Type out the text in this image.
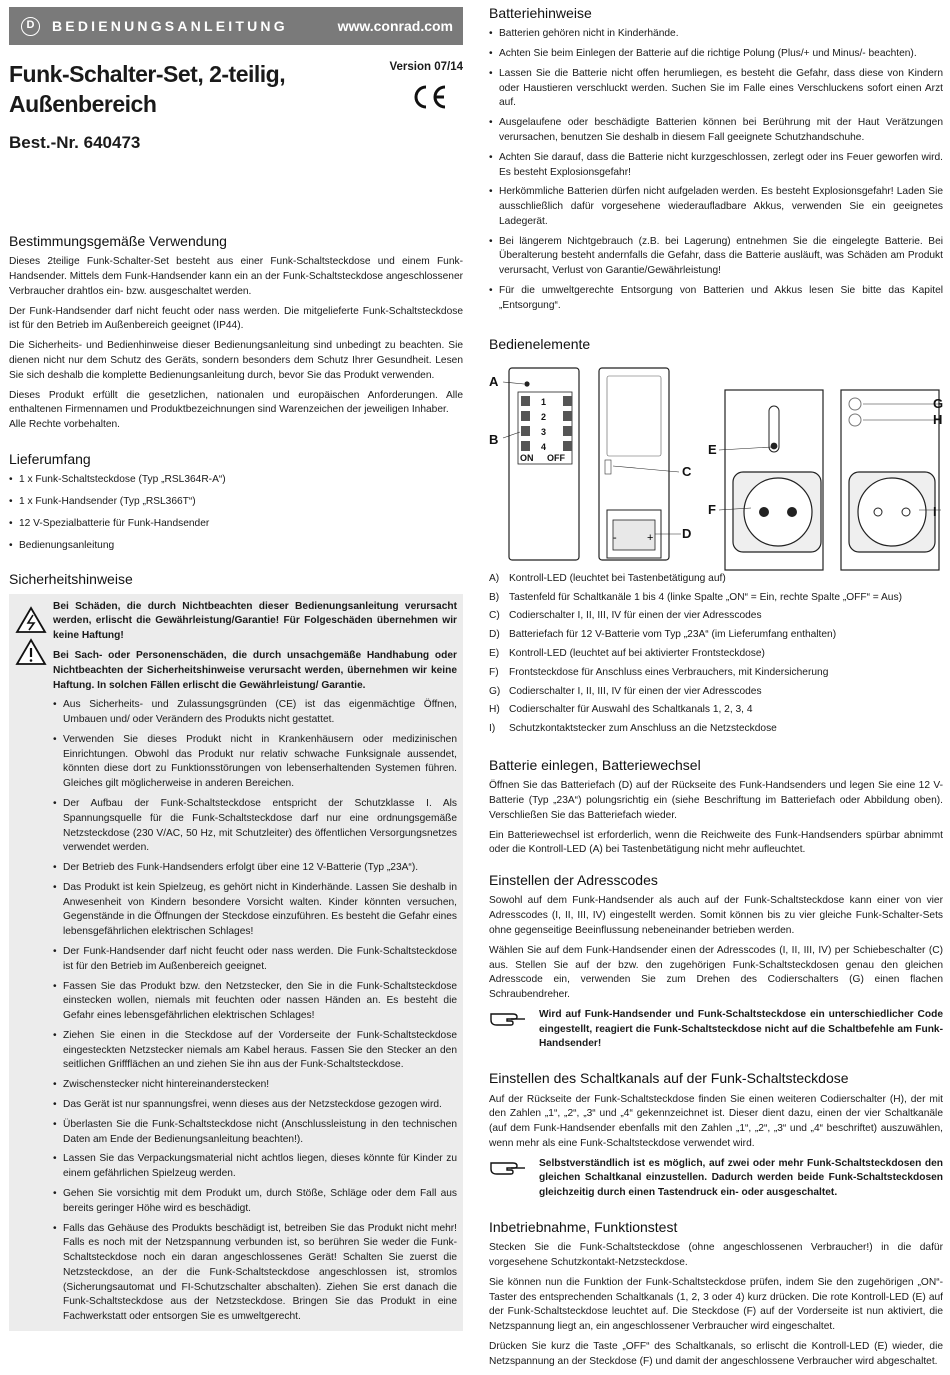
D	BEDIENUNGSANLEITUNG	www.conrad.com
Funk-Schalter-Set, 2-teilig,
Außenbereich
Best.-Nr. 640473
Version 07/14
Bestimmungsgemäße Verwendung

Dieses 2teilige Funk-Schalter-Set besteht aus einer Funk-Schaltsteckdose und einem Funk-Handsender. Mittels dem Funk-Handsender kann ein an der Funk-Schaltsteckdose angeschlossener Verbraucher drahtlos ein- bzw. ausgeschaltet werden.

Der Funk-Handsender darf nicht feucht oder nass werden. Die mitgelieferte Funk-Schaltsteckdose ist für den Betrieb im Außenbereich geeignet (IP44).

Die Sicherheits- und Bedienhinweise dieser Bedienungsanleitung sind unbedingt zu beachten. Sie dienen nicht nur dem Schutz des Geräts, sondern besonders dem Schutz Ihrer Gesundheit. Lesen Sie sich deshalb die komplette Bedienungsanleitung durch, bevor Sie das Produkt verwenden.

Dieses Produkt erfüllt die gesetzlichen, nationalen und europäischen Anforderungen. Alle enthaltenen Firmennamen und Produktbezeichnungen sind Warenzeichen der jeweiligen Inhaber.

Alle Rechte vorbehalten.

Lieferumfang
• 1 x Funk-Schaltsteckdose (Typ „RSL364R-A“)
• 1 x Funk-Handsender (Typ „RSL366T“)
• 12 V-Spezialbatterie für Funk-Handsender
• Bedienungsanleitung
Sicherheitshinweise

Bei Schäden, die durch Nichtbeachten dieser Bedienungsanleitung verursacht werden, erlischt die Gewährleistung/Garantie! Für Folgeschäden übernehmen wir keine Haftung!

Bei Sach- oder Personenschäden, die durch unsachgemäße Handhabung oder Nichtbeachten der Sicherheitshinweise verursacht werden, übernehmen wir keine Haftung. In solchen Fällen erlischt die Gewährleistung/ Garantie.

• Aus Sicherheits- und Zulassungsgründen (CE) ist das eigenmächtige Öffnen, Umbauen und/ oder Verändern des Produkts nicht gestattet.
• Verwenden Sie dieses Produkt nicht in Krankenhäusern oder medizinischen Einrichtungen. Obwohl das Produkt nur relativ schwache Funksignale aussendet, könnten diese dort zu Funktionsstörungen von lebenserhaltenden Systemen führen. Gleiches gilt möglicherweise in anderen Bereichen.
• Der Aufbau der Funk-Schaltsteckdose entspricht der Schutzklasse I. Als Spannungsquelle für die Funk-Schaltsteckdose darf nur eine ordnungsgemäße Netzsteckdose (230 V/AC, 50 Hz, mit Schutzleiter) des öffentlichen Versorgungsnetzes verwendet werden.
• Der Betrieb des Funk-Handsenders erfolgt über eine 12 V-Batterie (Typ „23A“).
• Das Produkt ist kein Spielzeug, es gehört nicht in Kinderhände. Lassen Sie deshalb in Anwesenheit von Kindern besondere Vorsicht walten. Kinder könnten versuchen, Gegenstände in die Öffnungen der Steckdose einzuführen. Es besteht die Gefahr eines lebensgefährlichen elektrischen Schlages!
• Der Funk-Handsender darf nicht feucht oder nass werden. Die Funk-Schaltsteckdose ist für den Betrieb im Außenbereich geeignet.
• Fassen Sie das Produkt bzw. den Netzstecker, den Sie in die Funk-Schaltsteckdose einstecken wollen, niemals mit feuchten oder nassen Händen an. Es besteht die Gefahr eines lebensgefährlichen elektrischen Schlages!
• Ziehen Sie einen in die Steckdose auf der Vorderseite der Funk-Schaltsteckdose eingesteckten Netzstecker niemals am Kabel heraus. Fassen Sie den Stecker an den seitlichen Griffflächen an und ziehen Sie ihn aus der Funk-Schaltsteckdose.
• Zwischenstecker nicht hintereinanderstecken!
• Das Gerät ist nur spannungsfrei, wenn dieses aus der Netzsteckdose gezogen wird.
• Überlasten Sie die Funk-Schaltsteckdose nicht (Anschlussleistung in den technischen Daten am Ende der Bedienungsanleitung beachten!).
• Lassen Sie das Verpackungsmaterial nicht achtlos liegen, dieses könnte für Kinder zu einem gefährlichen Spielzeug werden.
• Gehen Sie vorsichtig mit dem Produkt um, durch Stöße, Schläge oder dem Fall aus bereits geringer Höhe wird es beschädigt.
• Falls das Gehäuse des Produkts beschädigt ist, betreiben Sie das Produkt nicht mehr! Falls es noch mit der Netzspannung verbunden ist, so berühren Sie weder die Funk-Schaltsteckdose noch ein daran angeschlossenes Gerät! Schalten Sie zuerst die Netzsteckdose, an der die Funk-Schaltsteckdose angeschlossen ist, stromlos (Sicherungsautomat und FI-Schutzschalter abschalten). Ziehen Sie erst danach die Funk-Schaltsteckdose aus der Netzsteckdose. Bringen Sie das Produkt in eine Fachwerkstatt oder entsorgen Sie es umweltgerecht.
Batteriehinweise
• Batterien gehören nicht in Kinderhände.
• Achten Sie beim Einlegen der Batterie auf die richtige Polung (Plus/+ und Minus/- beachten).
• Lassen Sie die Batterie nicht offen herumliegen, es besteht die Gefahr, dass diese von Kindern oder Haustieren verschluckt werden. Suchen Sie im Falle eines Verschluckens sofort einen Arzt auf.
• Ausgelaufene oder beschädigte Batterien können bei Berührung mit der Haut Verätzungen verursachen, benutzen Sie deshalb in diesem Fall geeignete Schutzhandschuhe.
• Achten Sie darauf, dass die Batterie nicht kurzgeschlossen, zerlegt oder ins Feuer geworfen wird. Es besteht Explosionsgefahr!
• Herkömmliche Batterien dürfen nicht aufgeladen werden. Es besteht Explosionsgefahr! Laden Sie ausschließlich dafür vorgesehene wiederaufladbare Akkus, verwenden Sie ein geeignetes Ladegerät.
• Bei längerem Nichtgebrauch (z.B. bei Lagerung) entnehmen Sie die eingelegte Batterie. Bei Überalterung besteht andernfalls die Gefahr, dass die Batterie ausläuft, was Schäden am Produkt verursacht, Verlust von Garantie/Gewährleistung!
• Für die umweltgerechte Entsorgung von Batterien und Akkus lesen Sie bitte das Kapitel „Entsorgung“.
Bedienelemente
1
2
3
4
ON OFF
-	+
A
B
C
D
E
F
G
H
I
A) Kontroll-LED (leuchtet bei Tastenbetätigung auf)
B) Tastenfeld für Schaltkanäle 1 bis 4 (linke Spalte „ON“ = Ein, rechte Spalte „OFF“ = Aus)
C) Codierschalter I, II, III, IV für einen der vier Adresscodes
D) Batteriefach für 12 V-Batterie vom Typ „23A“ (im Lieferumfang enthalten)
E) Kontroll-LED (leuchtet auf bei aktivierter Frontsteckdose)
F)	Frontsteckdose für Anschluss eines Verbrauchers, mit Kindersicherung
G) Codierschalter I, II, III, IV für einen der vier Adresscodes
H) Codierschalter für Auswahl des Schaltkanals 1, 2, 3, 4
I)	Schutzkontaktstecker zum Anschluss an die Netzsteckdose
Batterie einlegen, Batteriewechsel

Öffnen Sie das Batteriefach (D) auf der Rückseite des Funk-Handsenders und legen Sie eine 12 V-Batterie (Typ „23A“) polungsrichtig ein (siehe Beschriftung im Batteriefach oder Abbildung oben). Verschließen Sie das Batteriefach wieder.

Ein Batteriewechsel ist erforderlich, wenn die Reichweite des Funk-Handsenders spürbar abnimmt oder die Kontroll-LED (A) bei Tastenbetätigung nicht mehr aufleuchtet.

Einstellen der Adresscodes

Sowohl auf dem Funk-Handsender als auch auf der Funk-Schaltsteckdose kann einer von vier Adresscodes (I, II, III, IV) eingestellt werden. Somit können bis zu vier gleiche Funk-Schalter-Sets ohne gegenseitige Beeinflussung nebeneinander betrieben werden.

Wählen Sie auf dem Funk-Handsender einen der Adresscodes (I, II, III, IV) per Schiebeschalter (C) aus. Stellen Sie auf der bzw. den zugehörigen Funk-Schaltsteckdosen genau den gleichen Adresscode ein, verwenden Sie zum Drehen des Codierschalters (G) einen flachen Schraubendreher.

Wird auf Funk-Handsender und Funk-Schaltsteckdose ein unterschiedlicher Code eingestellt, reagiert die Funk-Schaltsteckdose nicht auf die Schaltbefehle am Funk-Handsender!

Einstellen des Schaltkanals auf der Funk-Schaltsteckdose

Auf der Rückseite der Funk-Schaltsteckdose finden Sie einen weiteren Codierschalter (H), der mit den Zahlen „1“, „2“, „3“ und „4“ gekennzeichnet ist. Dieser dient dazu, einen der vier Schaltkanäle (auf dem Funk-Handsender ebenfalls mit den Zahlen „1“, „2“, „3“ und „4“ beschriftet) auszuwählen, wenn mehr als eine Funk-Schaltsteckdose verwendet wird.

Selbstverständlich ist es möglich, auf zwei oder mehr Funk-Schaltsteckdosen den gleichen Schaltkanal einzustellen. Dadurch werden beide Funk-Schaltsteckdosen gleichzeitig durch einen Tastendruck ein- oder ausgeschaltet.

Inbetriebnahme, Funktionstest

Stecken Sie die Funk-Schaltsteckdose (ohne angeschlossenen Verbraucher!) in die dafür vorgesehene Schutzkontakt-Netzsteckdose.

Sie können nun die Funktion der Funk-Schaltsteckdose prüfen, indem Sie den zugehörigen „ON“-Taster des entsprechenden Schaltkanals (1, 2, 3 oder 4) kurz drücken. Die rote Kontroll-LED (E) auf der Funk-Schaltsteckdose leuchtet auf. Die Steckdose (F) auf der Vorderseite ist nun aktiviert, die Netzspannung liegt an, ein angeschlossener Verbraucher wird eingeschaltet.

Drücken Sie kurz die Taste „OFF“ des Schaltkanals, so erlischt die Kontroll-LED (E) wieder, die Netzspannung an der Steckdose (F) und damit der angeschlossene Verbraucher wird abgeschaltet.
